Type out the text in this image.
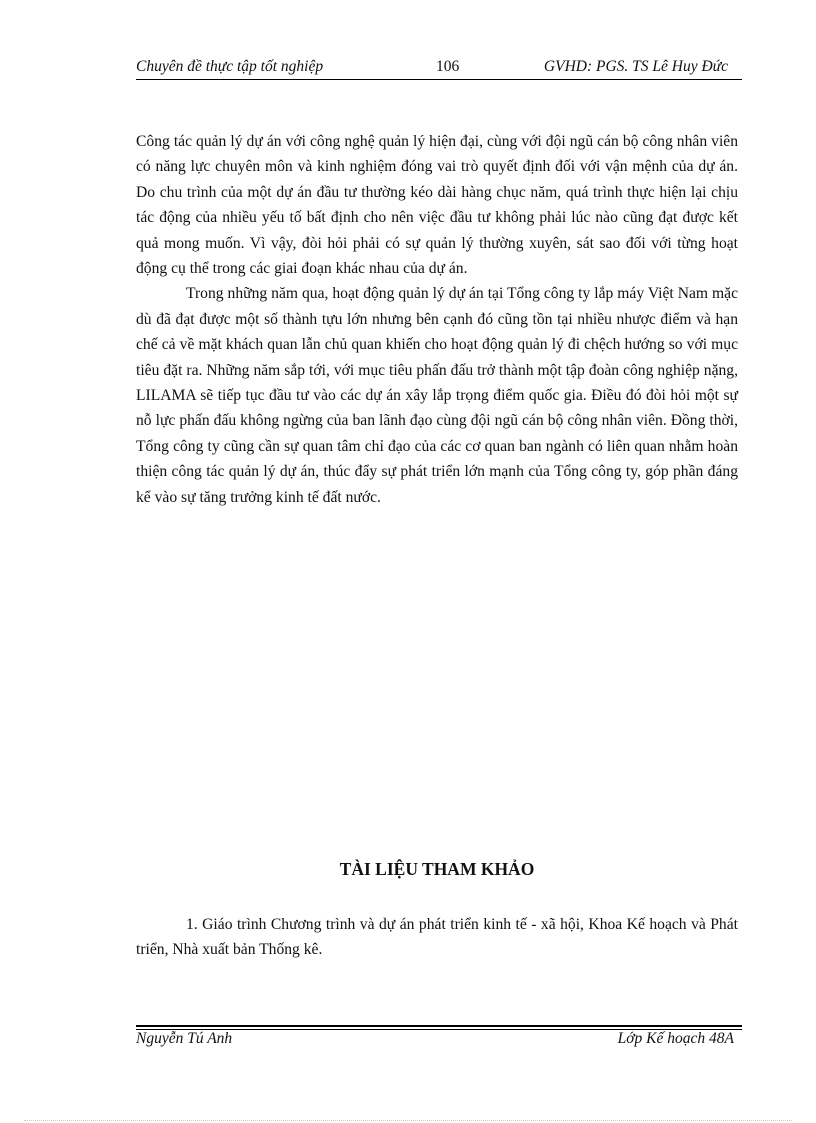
Chuyên đề thực tập tốt nghiệp	106	GVHD: PGS. TS Lê Huy Đức

Công tác quản lý dự án với công nghệ quản lý hiện đại, cùng với đội ngũ cán bộ công nhân viên có năng lực chuyên môn và kinh nghiệm đóng vai trò quyết định đối với vận mệnh của dự án. Do chu trình của một dự án đầu tư thường kéo dài hàng chục năm, quá trình thực hiện lại chịu tác động của nhiều yếu tố bất định cho nên việc đầu tư không phải lúc nào cũng đạt được kết quả mong muốn. Vì vậy, đòi hỏi phải có sự quản lý thường xuyên, sát sao đối với từng hoạt động cụ thể trong các giai đoạn khác nhau của dự án.

Trong những năm qua, hoạt động quản lý dự án tại Tổng công ty lắp máy Việt Nam mặc dù đã đạt được một số thành tựu lớn nhưng bên cạnh đó cũng tồn tại nhiều nhược điểm và hạn chế cả về mặt khách quan lẫn chủ quan khiến cho hoạt động quản lý đi chệch hướng so với mục tiêu đặt ra. Những năm sắp tới, với mục tiêu phấn đấu trở thành một tập đoàn công nghiệp nặng, LILAMA sẽ tiếp tục đầu tư vào các dự án xây lắp trọng điểm quốc gia. Điều đó đòi hỏi một sự nỗ lực phấn đấu không ngừng của ban lãnh đạo cùng đội ngũ cán bộ công nhân viên. Đồng thời, Tổng công ty cũng cần sự quan tâm chỉ đạo của các cơ quan ban ngành có liên quan nhằm hoàn thiện công tác quản lý dự án, thúc đẩy sự phát triển lớn mạnh của Tổng công ty, góp phần đáng kể vào sự tăng trưởng kinh tế đất nước.

TÀI LIỆU THAM KHẢO

1. Giáo trình Chương trình và dự án phát triển kinh tế - xã hội, Khoa Kế hoạch và Phát triển, Nhà xuất bản Thống kê.

Nguyễn Tú Anh	Lớp Kế hoạch 48A
